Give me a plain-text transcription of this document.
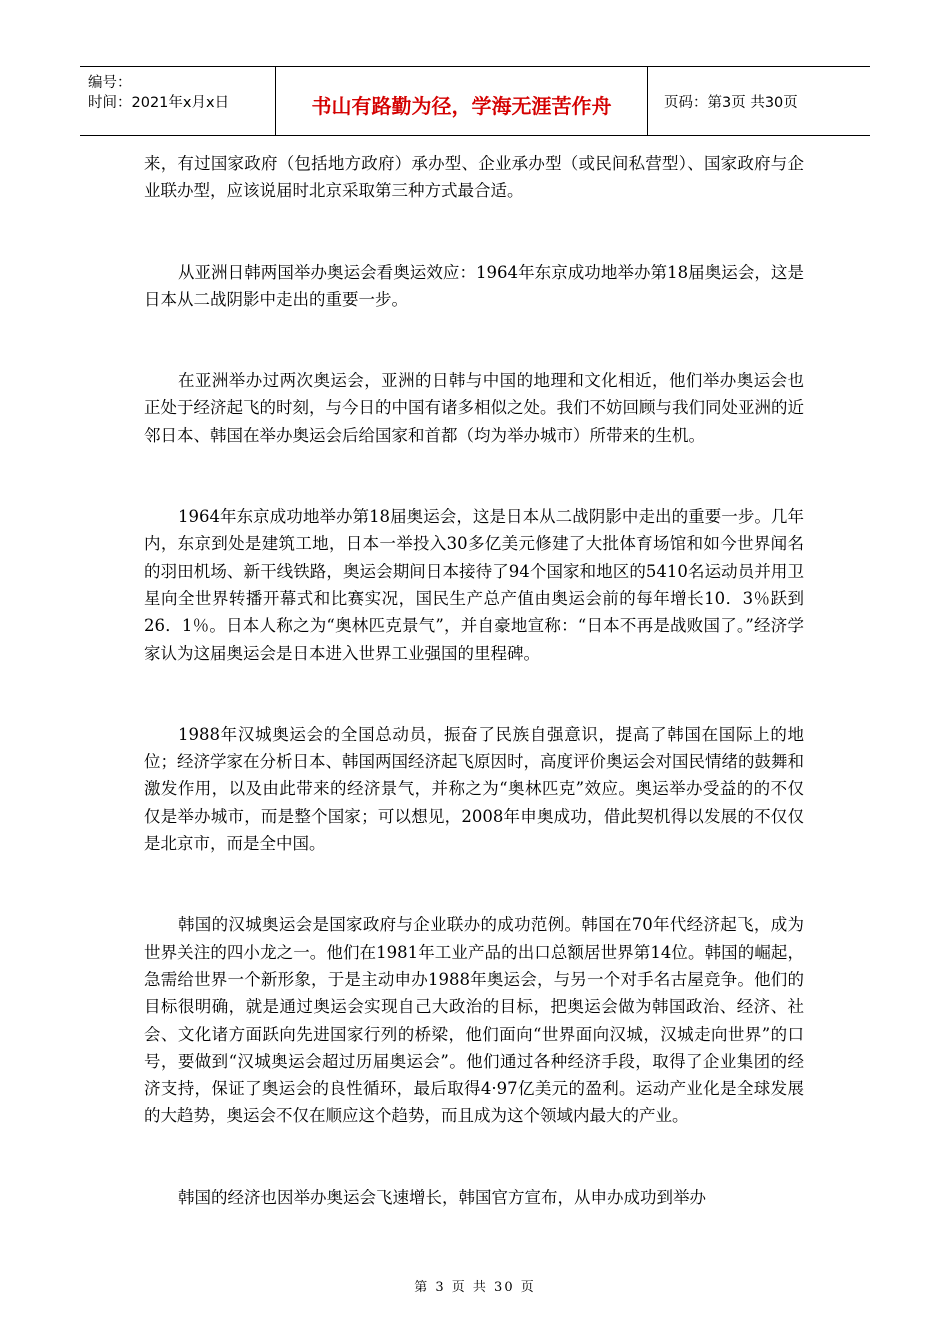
编号：
时间：2021年x月x日	书山有路勤为径，学海无涯苦作舟	页码：第3页 共30页

来，有过国家政府（包括地方政府）承办型、企业承办型（或民间私营型）、国家政府与企业联办型，应该说届时北京采取第三种方式最合适。

从亚洲日韩两国举办奥运会看奥运效应：1964年东京成功地举办第18届奥运会，这是日本从二战阴影中走出的重要一步。

在亚洲举办过两次奥运会，亚洲的日韩与中国的地理和文化相近，他们举办奥运会也正处于经济起飞的时刻，与今日的中国有诸多相似之处。我们不妨回顾与我们同处亚洲的近邻日本、韩国在举办奥运会后给国家和首都（均为举办城市）所带来的生机。

1964年东京成功地举办第18届奥运会，这是日本从二战阴影中走出的重要一步。几年内，东京到处是建筑工地，日本一举投入30多亿美元修建了大批体育场馆和如今世界闻名的羽田机场、新干线铁路，奥运会期间日本接待了94个国家和地区的5410名运动员并用卫星向全世界转播开幕式和比赛实况，国民生产总产值由奥运会前的每年增长10．3％跃到26．1％。日本人称之为“奥林匹克景气”，并自豪地宣称：“日本不再是战败国了。”经济学家认为这届奥运会是日本进入世界工业强国的里程碑。

1988年汉城奥运会的全国总动员，振奋了民族自强意识，提高了韩国在国际上的地位；经济学家在分析日本、韩国两国经济起飞原因时，高度评价奥运会对国民情绪的鼓舞和激发作用，以及由此带来的经济景气，并称之为“奥林匹克”效应。奥运举办受益的的不仅仅是举办城市，而是整个国家；可以想见，2008年申奥成功，借此契机得以发展的不仅仅是北京市，而是全中国。

韩国的汉城奥运会是国家政府与企业联办的成功范例。韩国在70年代经济起飞，成为世界关注的四小龙之一。他们在1981年工业产品的出口总额居世界第14位。韩国的崛起，急需给世界一个新形象，于是主动申办1988年奥运会，与另一个对手名古屋竞争。他们的目标很明确，就是通过奥运会实现自己大政治的目标，把奥运会做为韩国政治、经济、社会、文化诸方面跃向先进国家行列的桥梁，他们面向“世界面向汉城，汉城走向世界”的口号，要做到“汉城奥运会超过历届奥运会”。他们通过各种经济手段，取得了企业集团的经济支持，保证了奥运会的良性循环，最后取得4·97亿美元的盈利。运动产业化是全球发展的大趋势，奥运会不仅在顺应这个趋势，而且成为这个领域内最大的产业。

韩国的经济也因举办奥运会飞速增长，韩国官方宣布，从申办成功到举办

第 3 页 共 30 页
